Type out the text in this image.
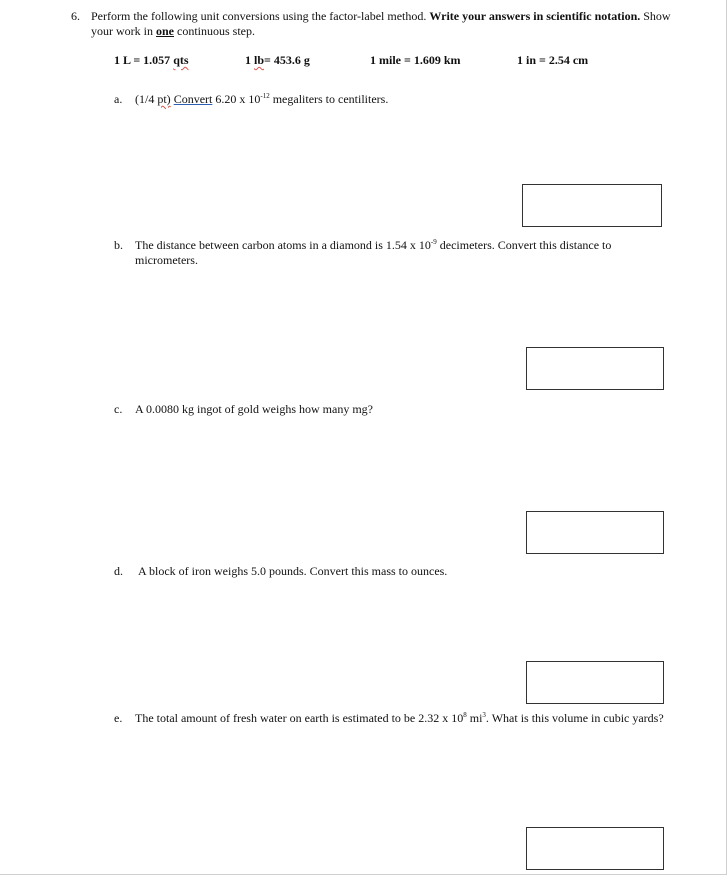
6. Perform the following unit conversions using the factor-label method. Write your answers in scientific notation. Show your work in one continuous step.
1 L = 1.057 qts	1 lb= 453.6 g	1 mile = 1.609 km	1 in = 2.54 cm
a. (1/4 pt) Convert 6.20 x $10^{-12}$ megaliters to centiliters.
b. The distance between carbon atoms in a diamond is 1.54 x $10^{-9}$ decimeters. Convert this distance to micrometers.
c. A 0.0080 kg ingot of gold weighs how many mg?
d. A block of iron weighs 5.0 pounds. Convert this mass to ounces.
e. The total amount of fresh water on earth is estimated to be 2.32 x $10^8$ $mi^3$. What is this volume in cubic yards?
